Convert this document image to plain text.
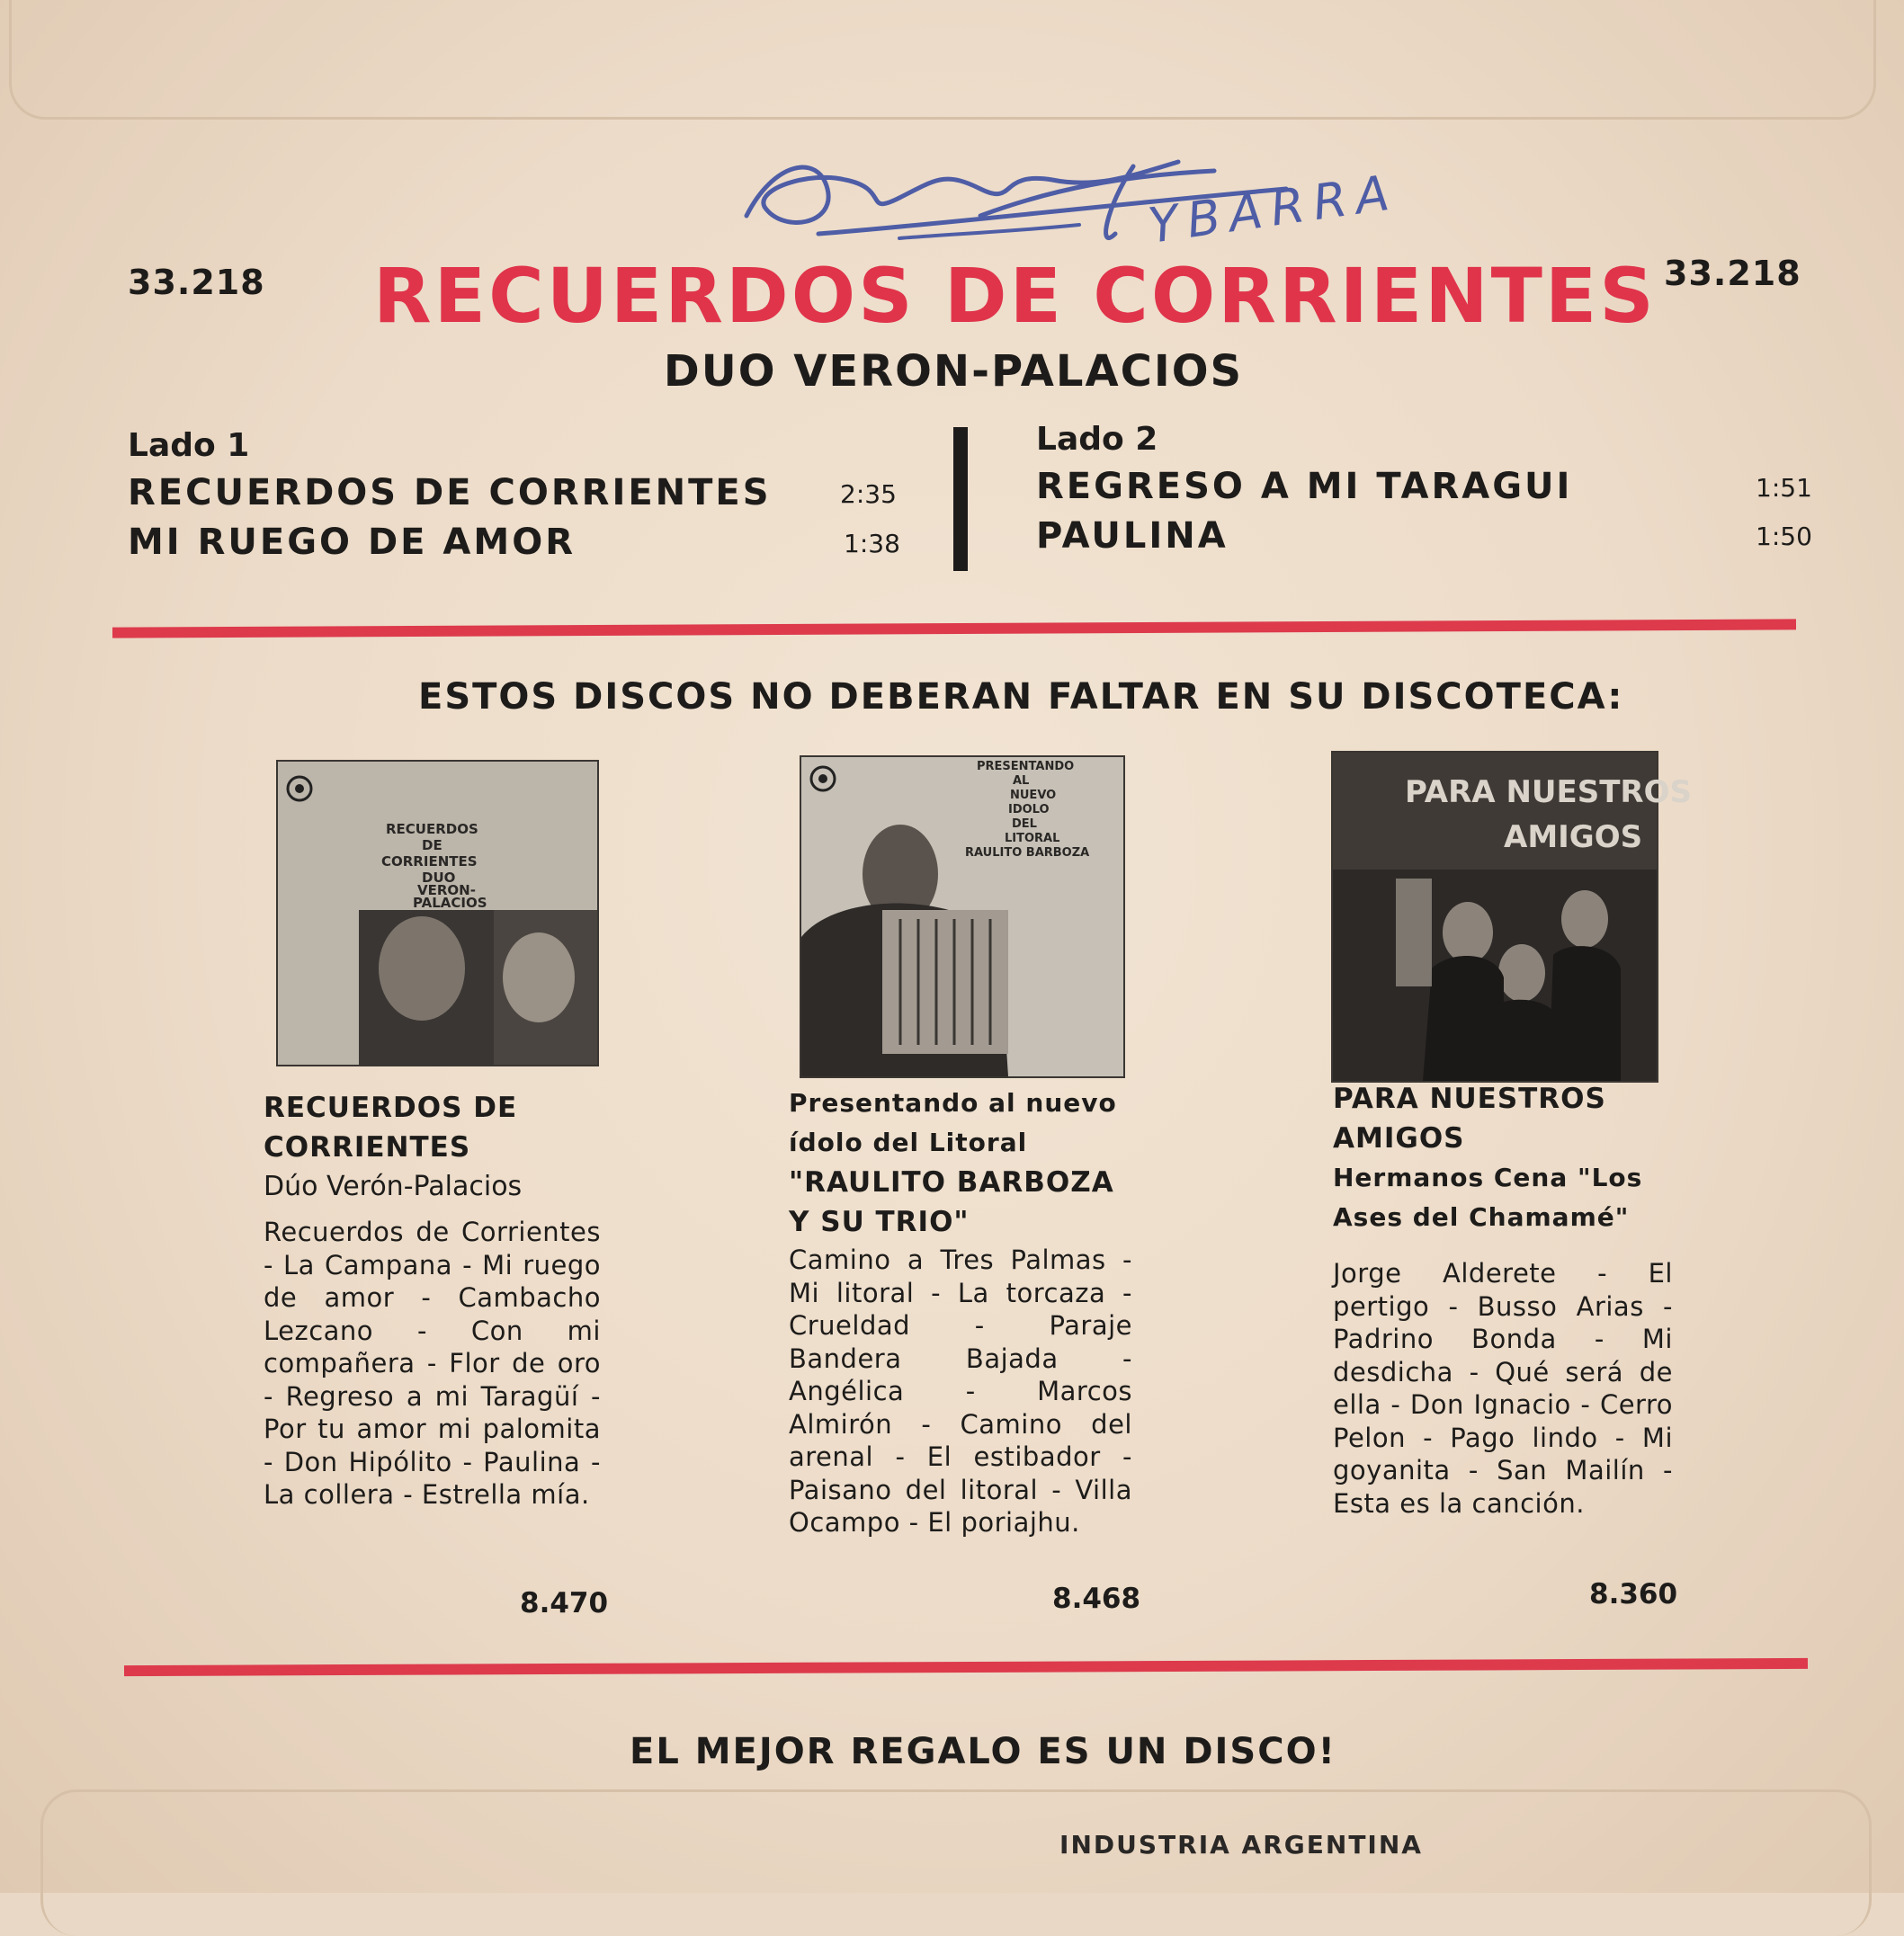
YBARRA
33.218	33.218
RECUERDOS DE CORRIENTES
DUO VERON-PALACIOS
Lado 1
RECUERDOS DE CORRIENTES	2:35
MI RUEGO DE AMOR	1:38
Lado 2
REGRESO A MI TARAGUI	1:51
PAULINA	1:50
ESTOS DISCOS NO DEBERAN FALTAR EN SU DISCOTECA:
RECUERDOS DE CORRIENTES DUO VERON- PALACIOS
PRESENTANDO AL NUEVO IDOLO DEL LITORAL RAULITO BARBOZA
PARA NUESTROS AMIGOS
RECUERDOS DE
CORRIENTES
Dúo Verón-Palacios
Recuerdos de Corrientes - La Campana - Mi ruego de amor - Cambacho Lezcano - Con mi compañera - Flor de oro - Regreso a mi Taragüí - Por tu amor mi palomita - Don Hipólito - Paulina - La collera - Estrella mía.
8.470
Presentando al nuevo
ídolo del Litoral
"RAULITO BARBOZA
Y SU TRIO"
Camino a Tres Palmas - Mi litoral - La torcaza - Crueldad - Paraje Bandera Bajada - Angélica - Marcos Almirón - Camino del arenal - El estibador - Paisano del litoral - Villa Ocampo - El poriajhu.
8.468
PARA NUESTROS
AMIGOS
Hermanos Cena "Los
Ases del Chamamé"
Jorge Alderete - El pertigo - Busso Arias - Padrino Bonda - Mi desdicha - Qué será de ella - Don Ignacio - Cerro Pelon - Pago lindo - Mi goyanita - San Mailín - Esta es la canción.
8.360
EL MEJOR REGALO ES UN DISCO!
INDUSTRIA ARGENTINA
